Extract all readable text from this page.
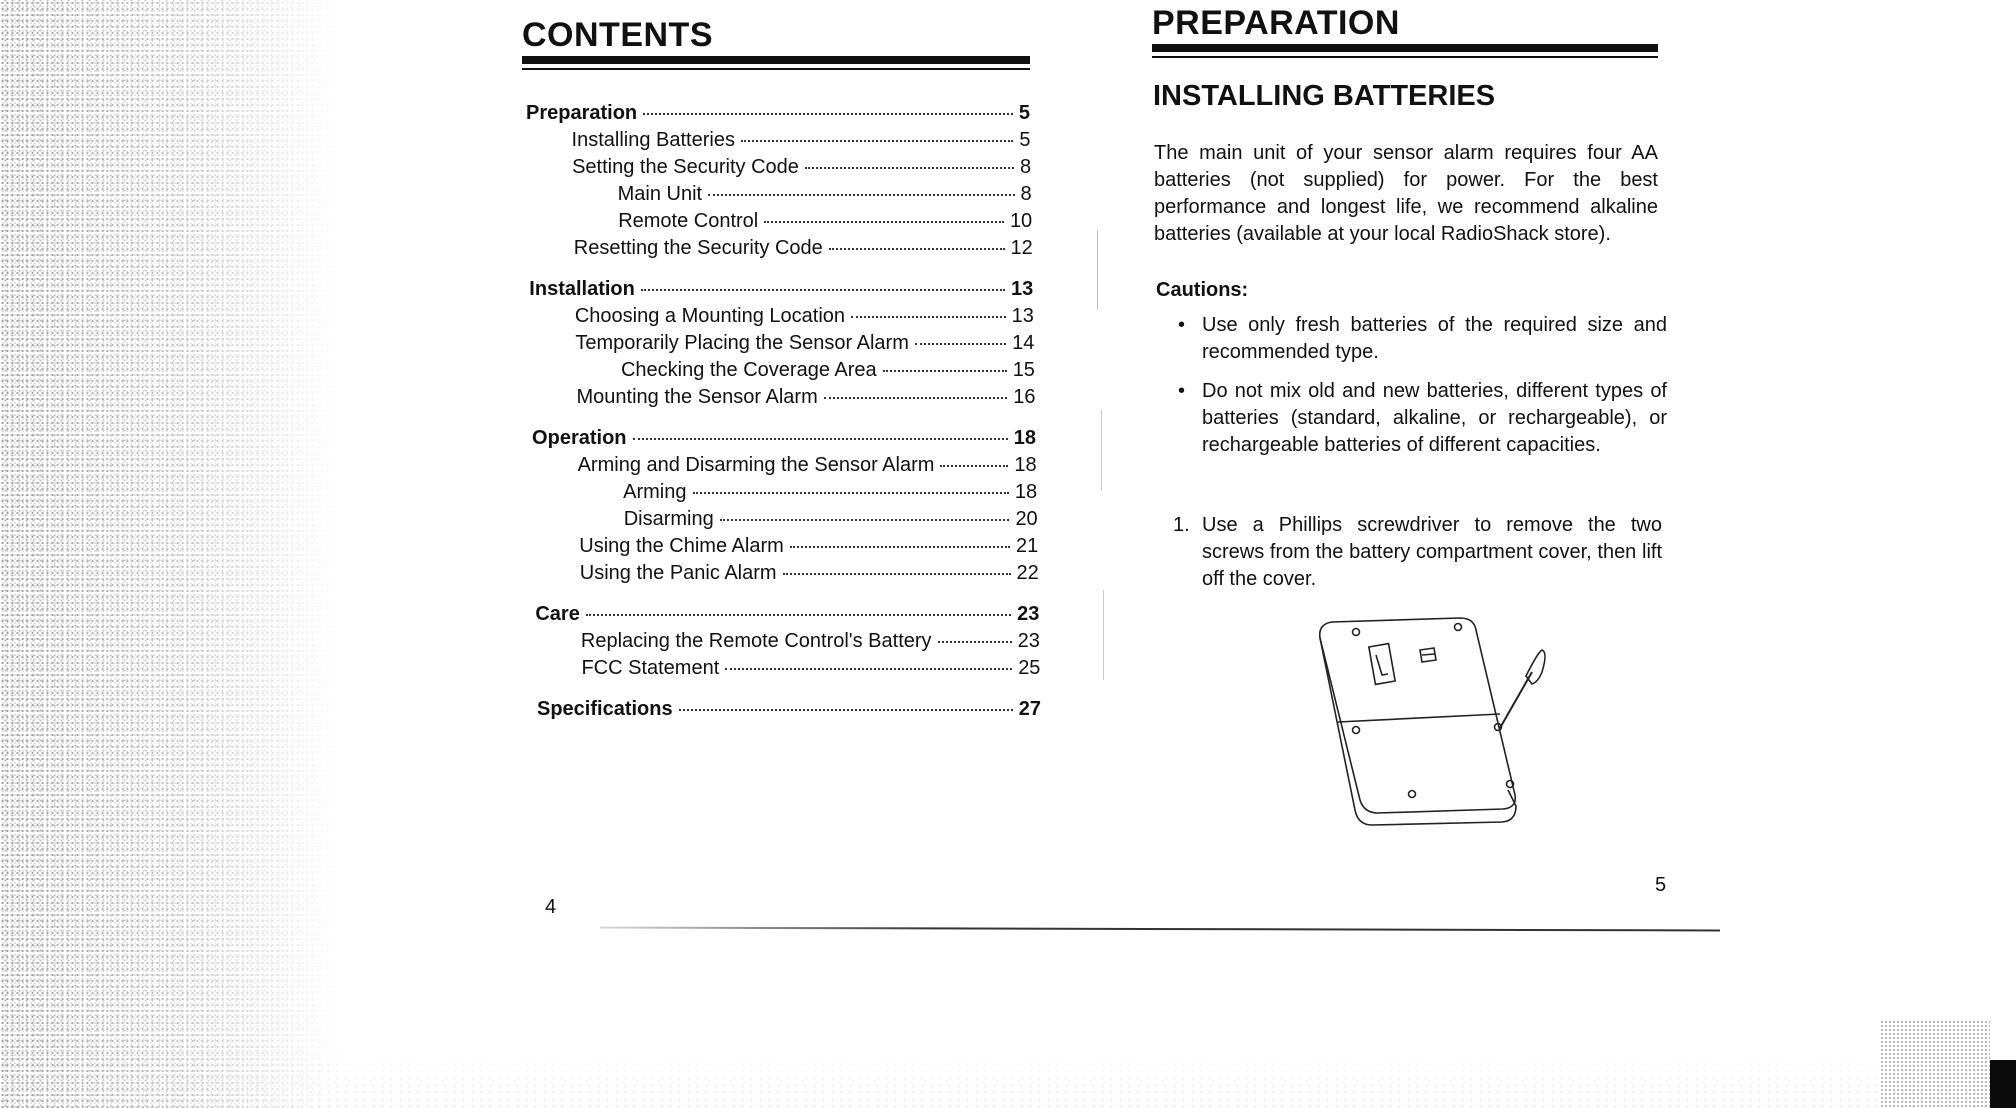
CONTENTS
Preparation	5
Installing Batteries	5
Setting the Security Code	8
Main Unit	8
Remote Control	10
Resetting the Security Code	12
Installation	13
Choosing a Mounting Location	13
Temporarily Placing the Sensor Alarm	14
Checking the Coverage Area	15
Mounting the Sensor Alarm	16
Operation	18
Arming and Disarming the Sensor Alarm	18
Arming	18
Disarming	20
Using the Chime Alarm	21
Using the Panic Alarm	22
Care	23
Replacing the Remote Control's Battery	23
FCC Statement	25
Specifications	27
4
PREPARATION
INSTALLING BATTERIES

The main unit of your sensor alarm requires four AA batteries (not supplied) for power. For the best performance and longest life, we recommend alkaline batteries (available at your local RadioShack store).

Cautions:

• Use only fresh batteries of the required size and recommended type.
• Do not mix old and new batteries, different types of batteries (standard, alkaline, or rechargeable), or rechargeable batteries of different capacities.
1. Use a Phillips screwdriver to remove the two screws from the battery compartment cover, then lift off the cover.
5
